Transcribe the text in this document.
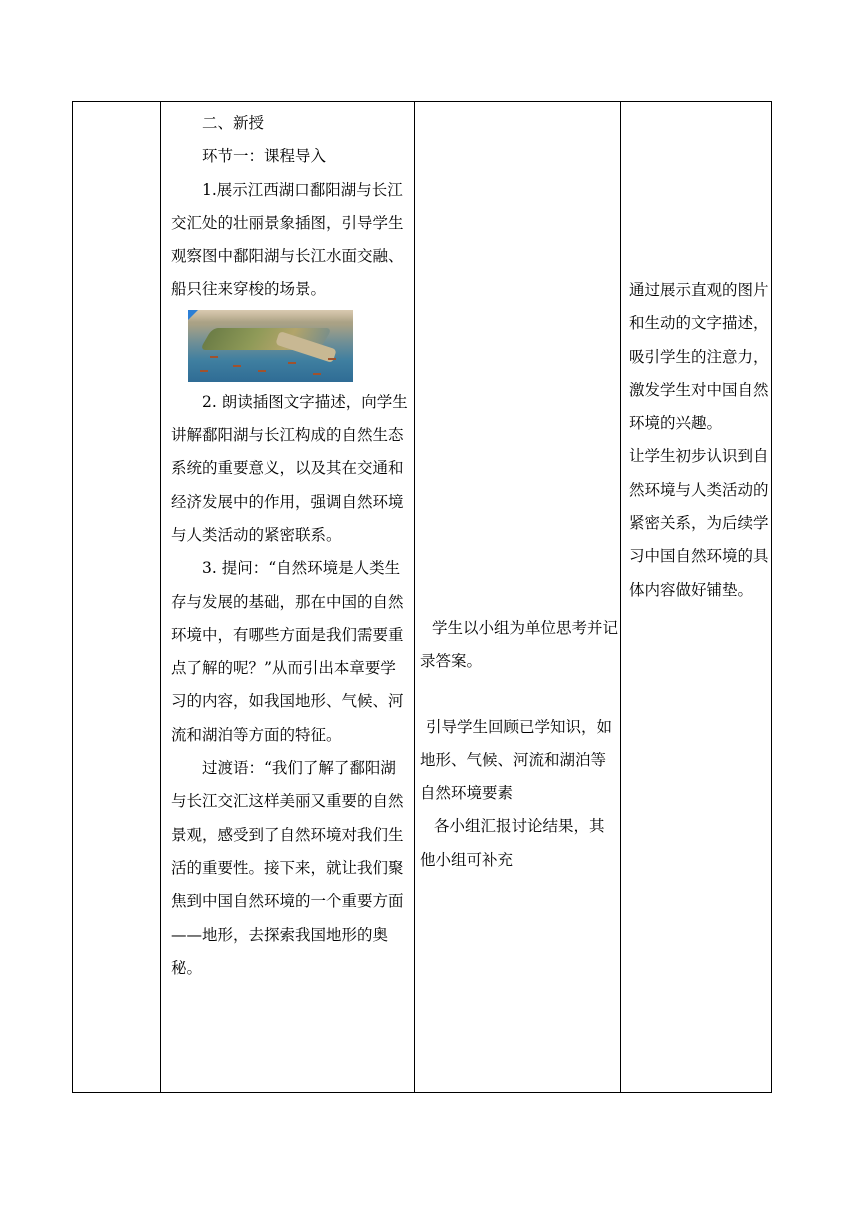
二、新授

环节一：课程导入

1.展示江西湖口鄱阳湖与长江交汇处的壮丽景象插图，引导学生观察图中鄱阳湖与长江水面交融、船只往来穿梭的场景。

2. 朗读插图文字描述，向学生讲解鄱阳湖与长江构成的自然生态系统的重要意义，以及其在交通和经济发展中的作用，强调自然环境与人类活动的紧密联系。

3. 提问：“自然环境是人类生存与发展的基础，那在中国的自然环境中，有哪些方面是我们需要重点了解的呢？”从而引出本章要学习的内容，如我国地形、气候、河流和湖泊等方面的特征。

过渡语：“我们了解了鄱阳湖与长江交汇这样美丽又重要的自然景观，感受到了自然环境对我们生活的重要性。接下来，就让我们聚焦到中国自然环境的一个重要方面——地形，去探索我国地形的奥秘。

学生以小组为单位思考并记录答案。

引导学生回顾已学知识，如地形、气候、河流和湖泊等自然环境要素

各小组汇报讨论结果，其他小组可补充

通过展示直观的图片和生动的文字描述，吸引学生的注意力，激发学生对中国自然环境的兴趣。

让学生初步认识到自然环境与人类活动的紧密关系，为后续学习中国自然环境的具体内容做好铺垫。
